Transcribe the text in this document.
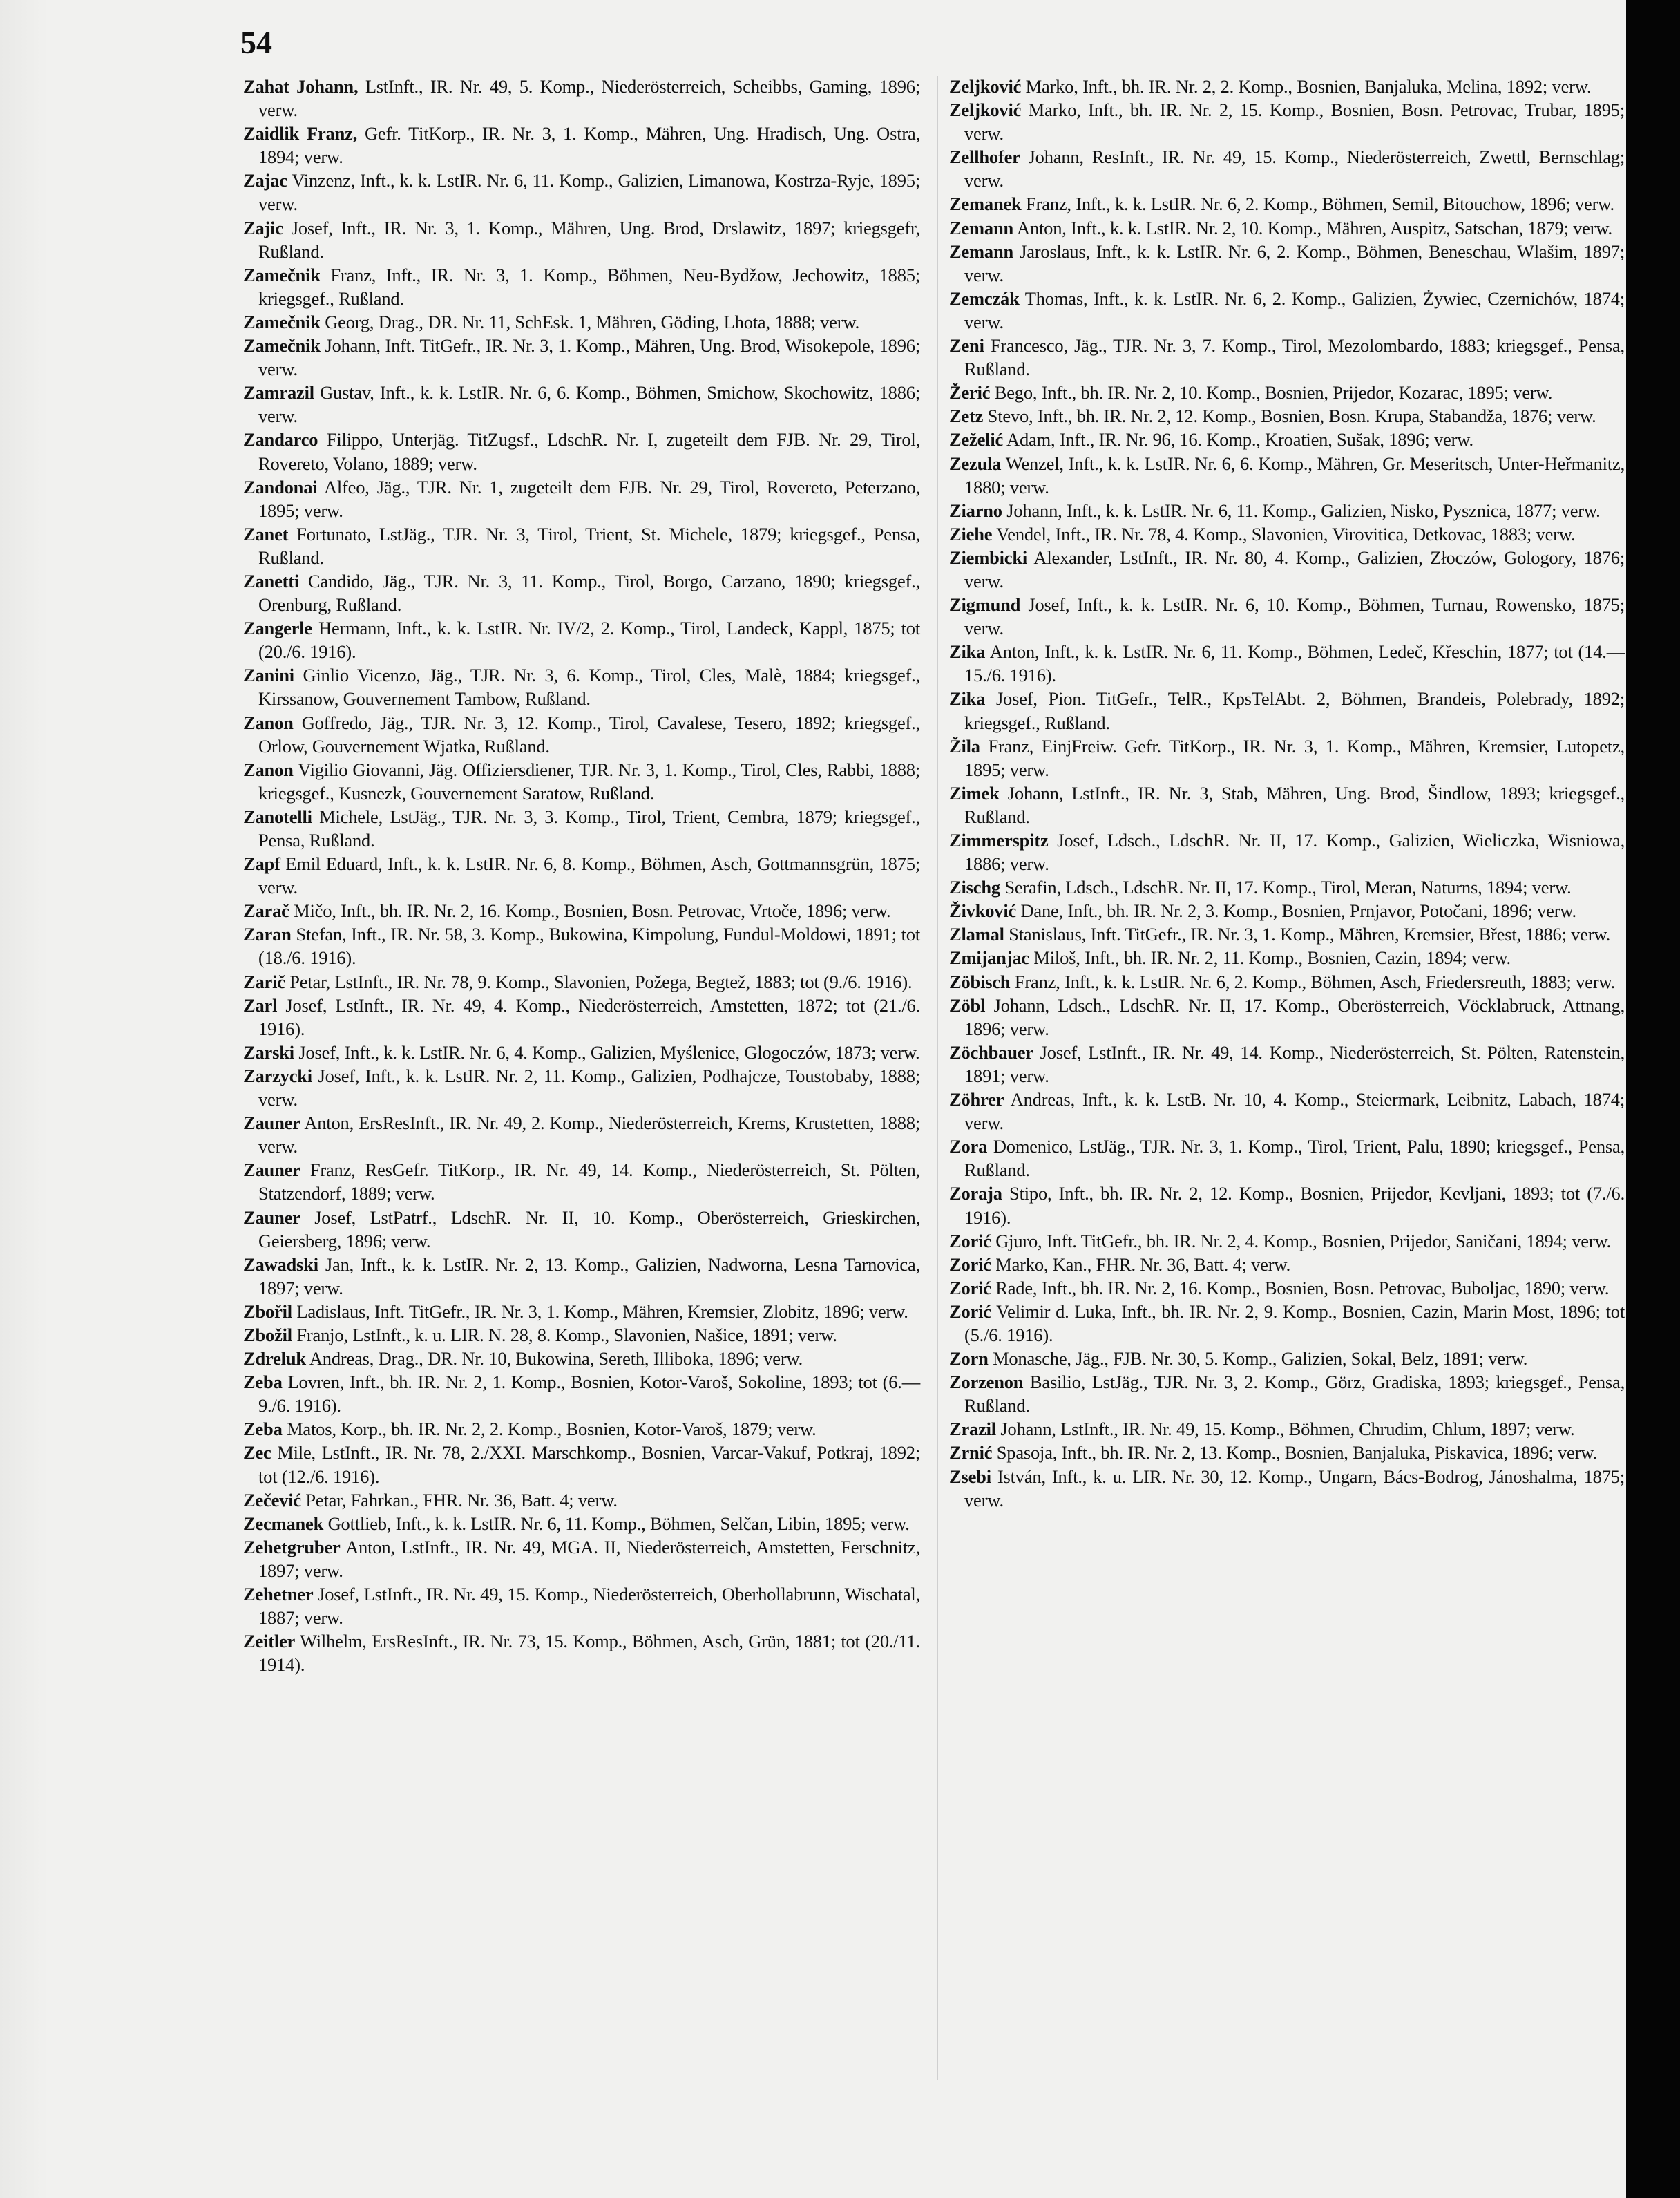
54

Zahat Johann, LstInft., IR. Nr. 49, 5. Komp., Niederösterreich, Scheibbs, Gaming, 1896; verw.

Zaidlik Franz, Gefr. TitKorp., IR. Nr. 3, 1. Komp., Mähren, Ung. Hradisch, Ung. Ostra, 1894; verw.

Zajac Vinzenz, Inft., k. k. LstIR. Nr. 6, 11. Komp., Galizien, Limanowa, Kostrza-Ryje, 1895; verw.

Zajic Josef, Inft., IR. Nr. 3, 1. Komp., Mähren, Ung. Brod, Drslawitz, 1897; kriegsgefr, Rußland.

Zamečnik Franz, Inft., IR. Nr. 3, 1. Komp., Böhmen, Neu-Bydžow, Jechowitz, 1885; kriegsgef., Rußland.

Zamečnik Georg, Drag., DR. Nr. 11, SchEsk. 1, Mähren, Göding, Lhota, 1888; verw.

Zamečnik Johann, Inft. TitGefr., IR. Nr. 3, 1. Komp., Mähren, Ung. Brod, Wisokepole, 1896; verw.

Zamrazil Gustav, Inft., k. k. LstIR. Nr. 6, 6. Komp., Böhmen, Smichow, Skochowitz, 1886; verw.

Zandarco Filippo, Unterjäg. TitZugsf., LdschR. Nr. I, zugeteilt dem FJB. Nr. 29, Tirol, Rovereto, Volano, 1889; verw.

Zandonai Alfeo, Jäg., TJR. Nr. 1, zugeteilt dem FJB. Nr. 29, Tirol, Rovereto, Peterzano, 1895; verw.

Zanet Fortunato, LstJäg., TJR. Nr. 3, Tirol, Trient, St. Michele, 1879; kriegsgef., Pensa, Rußland.

Zanetti Candido, Jäg., TJR. Nr. 3, 11. Komp., Tirol, Borgo, Carzano, 1890; kriegsgef., Orenburg, Rußland.

Zangerle Hermann, Inft., k. k. LstIR. Nr. IV/2, 2. Komp., Tirol, Landeck, Kappl, 1875; tot (20./6. 1916).

Zanini Ginlio Vicenzo, Jäg., TJR. Nr. 3, 6. Komp., Tirol, Cles, Malè, 1884; kriegsgef., Kirssanow, Gouvernement Tambow, Rußland.

Zanon Goffredo, Jäg., TJR. Nr. 3, 12. Komp., Tirol, Cavalese, Tesero, 1892; kriegsgef., Orlow, Gouvernement Wjatka, Rußland.

Zanon Vigilio Giovanni, Jäg. Offiziersdiener, TJR. Nr. 3, 1. Komp., Tirol, Cles, Rabbi, 1888; kriegsgef., Kusnezk, Gouvernement Saratow, Rußland.

Zanotelli Michele, LstJäg., TJR. Nr. 3, 3. Komp., Tirol, Trient, Cembra, 1879; kriegsgef., Pensa, Rußland.

Zapf Emil Eduard, Inft., k. k. LstIR. Nr. 6, 8. Komp., Böhmen, Asch, Gottmannsgrün, 1875; verw.

Zarač Mičo, Inft., bh. IR. Nr. 2, 16. Komp., Bosnien, Bosn. Petrovac, Vrtoče, 1896; verw.

Zaran Stefan, Inft., IR. Nr. 58, 3. Komp., Bukowina, Kimpolung, Fundul-Moldowi, 1891; tot (18./6. 1916).

Zarič Petar, LstInft., IR. Nr. 78, 9. Komp., Slavonien, Požega, Begtež, 1883; tot (9./6. 1916).

Zarl Josef, LstInft., IR. Nr. 49, 4. Komp., Niederösterreich, Amstetten, 1872; tot (21./6. 1916).

Zarski Josef, Inft., k. k. LstIR. Nr. 6, 4. Komp., Galizien, Myślenice, Glogoczów, 1873; verw.

Zarzycki Josef, Inft., k. k. LstIR. Nr. 2, 11. Komp., Galizien, Podhajcze, Toustobaby, 1888; verw.

Zauner Anton, ErsResInft., IR. Nr. 49, 2. Komp., Niederösterreich, Krems, Krustetten, 1888; verw.

Zauner Franz, ResGefr. TitKorp., IR. Nr. 49, 14. Komp., Niederösterreich, St. Pölten, Statzendorf, 1889; verw.

Zauner Josef, LstPatrf., LdschR. Nr. II, 10. Komp., Oberösterreich, Grieskirchen, Geiersberg, 1896; verw.

Zawadski Jan, Inft., k. k. LstIR. Nr. 2, 13. Komp., Galizien, Nadworna, Lesna Tarnovica, 1897; verw.

Zbořil Ladislaus, Inft. TitGefr., IR. Nr. 3, 1. Komp., Mähren, Kremsier, Zlobitz, 1896; verw.

Zbožil Franjo, LstInft., k. u. LIR. N. 28, 8. Komp., Slavonien, Našice, 1891; verw.

Zdreluk Andreas, Drag., DR. Nr. 10, Bukowina, Sereth, Illiboka, 1896; verw.

Zeba Lovren, Inft., bh. IR. Nr. 2, 1. Komp., Bosnien, Kotor-Varoš, Sokoline, 1893; tot (6.—9./6. 1916).

Zeba Matos, Korp., bh. IR. Nr. 2, 2. Komp., Bosnien, Kotor-Varoš, 1879; verw.

Zec Mile, LstInft., IR. Nr. 78, 2./XXI. Marschkomp., Bosnien, Varcar-Vakuf, Potkraj, 1892; tot (12./6. 1916).

Zečević Petar, Fahrkan., FHR. Nr. 36, Batt. 4; verw.

Zecmanek Gottlieb, Inft., k. k. LstIR. Nr. 6, 11. Komp., Böhmen, Selčan, Libin, 1895; verw.

Zehetgruber Anton, LstInft., IR. Nr. 49, MGA. II, Niederösterreich, Amstetten, Ferschnitz, 1897; verw.

Zehetner Josef, LstInft., IR. Nr. 49, 15. Komp., Niederösterreich, Oberhollabrunn, Wischatal, 1887; verw.

Zeitler Wilhelm, ErsResInft., IR. Nr. 73, 15. Komp., Böhmen, Asch, Grün, 1881; tot (20./11. 1914).

Zeljković Marko, Inft., bh. IR. Nr. 2, 2. Komp., Bosnien, Banjaluka, Melina, 1892; verw.

Zeljković Marko, Inft., bh. IR. Nr. 2, 15. Komp., Bosnien, Bosn. Petrovac, Trubar, 1895; verw.

Zellhofer Johann, ResInft., IR. Nr. 49, 15. Komp., Niederösterreich, Zwettl, Bernschlag; verw.

Zemanek Franz, Inft., k. k. LstIR. Nr. 6, 2. Komp., Böhmen, Semil, Bitouchow, 1896; verw.

Zemann Anton, Inft., k. k. LstIR. Nr. 2, 10. Komp., Mähren, Auspitz, Satschan, 1879; verw.

Zemann Jaroslaus, Inft., k. k. LstIR. Nr. 6, 2. Komp., Böhmen, Beneschau, Wlašim, 1897; verw.

Zemczák Thomas, Inft., k. k. LstIR. Nr. 6, 2. Komp., Galizien, Żywiec, Czernichów, 1874; verw.

Zeni Francesco, Jäg., TJR. Nr. 3, 7. Komp., Tirol, Mezolombardo, 1883; kriegsgef., Pensa, Rußland.

Žerić Bego, Inft., bh. IR. Nr. 2, 10. Komp., Bosnien, Prijedor, Kozarac, 1895; verw.

Zetz Stevo, Inft., bh. IR. Nr. 2, 12. Komp., Bosnien, Bosn. Krupa, Stabandža, 1876; verw.

Zeželić Adam, Inft., IR. Nr. 96, 16. Komp., Kroatien, Sušak, 1896; verw.

Zezula Wenzel, Inft., k. k. LstIR. Nr. 6, 6. Komp., Mähren, Gr. Meseritsch, Unter-Heřmanitz, 1880; verw.

Ziarno Johann, Inft., k. k. LstIR. Nr. 6, 11. Komp., Galizien, Nisko, Pysznica, 1877; verw.

Ziehe Vendel, Inft., IR. Nr. 78, 4. Komp., Slavonien, Virovitica, Detkovac, 1883; verw.

Ziembicki Alexander, LstInft., IR. Nr. 80, 4. Komp., Galizien, Złoczów, Gologory, 1876; verw.

Zigmund Josef, Inft., k. k. LstIR. Nr. 6, 10. Komp., Böhmen, Turnau, Rowensko, 1875; verw.

Zika Anton, Inft., k. k. LstIR. Nr. 6, 11. Komp., Böhmen, Ledeč, Křeschin, 1877; tot (14.—15./6. 1916).

Zika Josef, Pion. TitGefr., TelR., KpsTelAbt. 2, Böhmen, Brandeis, Polebrady, 1892; kriegsgef., Rußland.

Žila Franz, EinjFreiw. Gefr. TitKorp., IR. Nr. 3, 1. Komp., Mähren, Kremsier, Lutopetz, 1895; verw.

Zimek Johann, LstInft., IR. Nr. 3, Stab, Mähren, Ung. Brod, Šindlow, 1893; kriegsgef., Rußland.

Zimmerspitz Josef, Ldsch., LdschR. Nr. II, 17. Komp., Galizien, Wieliczka, Wisniowa, 1886; verw.

Zischg Serafin, Ldsch., LdschR. Nr. II, 17. Komp., Tirol, Meran, Naturns, 1894; verw.

Živković Dane, Inft., bh. IR. Nr. 2, 3. Komp., Bosnien, Prnjavor, Potočani, 1896; verw.

Zlamal Stanislaus, Inft. TitGefr., IR. Nr. 3, 1. Komp., Mähren, Kremsier, Břest, 1886; verw.

Zmijanjac Miloš, Inft., bh. IR. Nr. 2, 11. Komp., Bosnien, Cazin, 1894; verw.

Zöbisch Franz, Inft., k. k. LstIR. Nr. 6, 2. Komp., Böhmen, Asch, Friedersreuth, 1883; verw.

Zöbl Johann, Ldsch., LdschR. Nr. II, 17. Komp., Oberösterreich, Vöcklabruck, Attnang, 1896; verw.

Zöchbauer Josef, LstInft., IR. Nr. 49, 14. Komp., Niederösterreich, St. Pölten, Ratenstein, 1891; verw.

Zöhrer Andreas, Inft., k. k. LstB. Nr. 10, 4. Komp., Steiermark, Leibnitz, Labach, 1874; verw.

Zora Domenico, LstJäg., TJR. Nr. 3, 1. Komp., Tirol, Trient, Palu, 1890; kriegsgef., Pensa, Rußland.

Zoraja Stipo, Inft., bh. IR. Nr. 2, 12. Komp., Bosnien, Prijedor, Kevljani, 1893; tot (7./6. 1916).

Zorić Gjuro, Inft. TitGefr., bh. IR. Nr. 2, 4. Komp., Bosnien, Prijedor, Saničani, 1894; verw.

Zorić Marko, Kan., FHR. Nr. 36, Batt. 4; verw.

Zorić Rade, Inft., bh. IR. Nr. 2, 16. Komp., Bosnien, Bosn. Petrovac, Buboljac, 1890; verw.

Zorić Velimir d. Luka, Inft., bh. IR. Nr. 2, 9. Komp., Bosnien, Cazin, Marin Most, 1896; tot (5./6. 1916).

Zorn Monasche, Jäg., FJB. Nr. 30, 5. Komp., Galizien, Sokal, Belz, 1891; verw.

Zorzenon Basilio, LstJäg., TJR. Nr. 3, 2. Komp., Görz, Gradiska, 1893; kriegsgef., Pensa, Rußland.

Zrazil Johann, LstInft., IR. Nr. 49, 15. Komp., Böhmen, Chrudim, Chlum, 1897; verw.

Zrnić Spasoja, Inft., bh. IR. Nr. 2, 13. Komp., Bosnien, Banjaluka, Piskavica, 1896; verw.

Zsebi István, Inft., k. u. LIR. Nr. 30, 12. Komp., Ungarn, Bács-Bodrog, Jánoshalma, 1875; verw.
